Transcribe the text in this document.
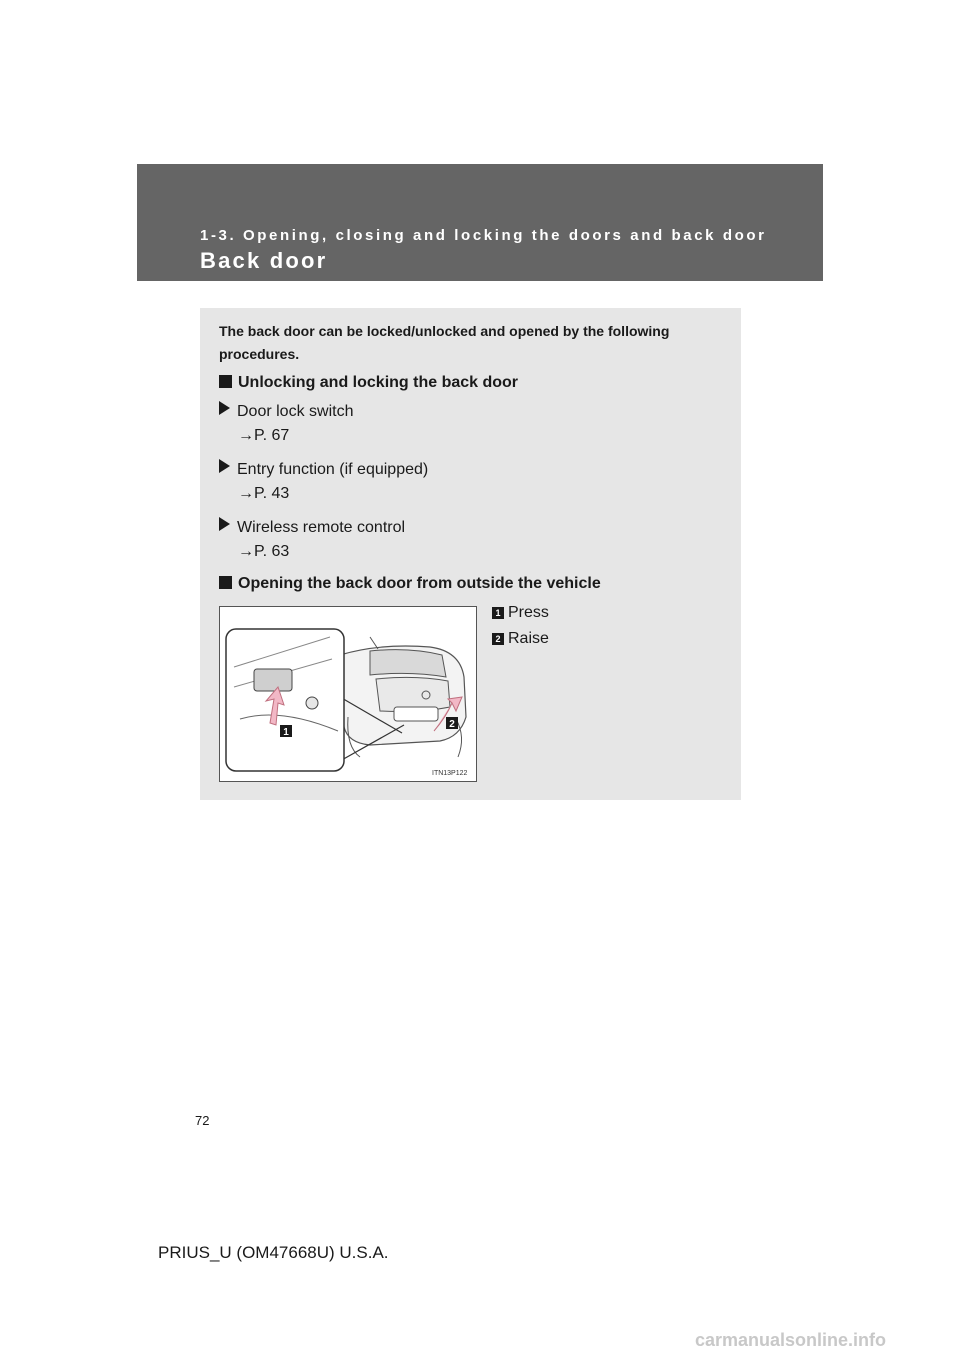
1-3. Opening, closing and locking the doors and back door
Back door
The back door can be locked/unlocked and opened by the following procedures.
Unlocking and locking the back door
Door lock switch
→P. 67
Entry function (if equipped)
→P. 43
Wireless remote control
→P. 63
Opening the back door from outside the vehicle
1
2
ITN13P122
1 Press
2 Raise
72
PRIUS_U (OM47668U) U.S.A.
carmanualsonline.info
